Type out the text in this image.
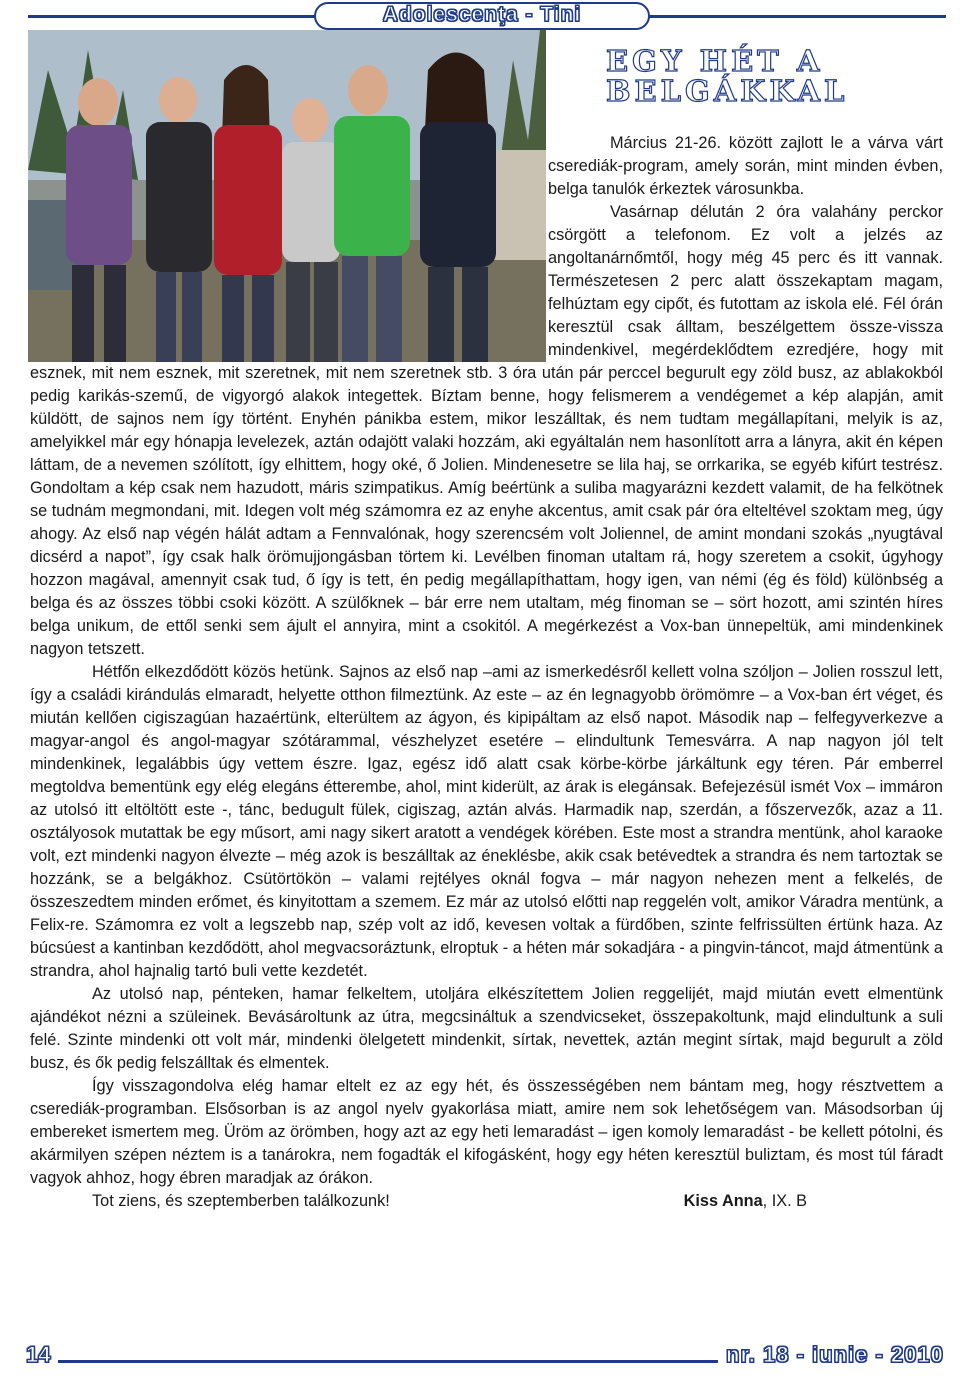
Adolescenţa - Tini
EGY HÉT A BELGÁKKAL

Március 21-26. között zajlott le a várva várt cserediák-program, amely során, mint minden évben, belga tanulók érkeztek városunkba.

Vasárnap délután 2 óra valahány perckor csörgött a telefonom. Ez volt a jelzés az angoltanárnőmtől, hogy még 45 perc és itt vannak. Természetesen 2 perc alatt összekaptam magam, felhúztam egy cipőt, és futottam az iskola elé. Fél órán keresztül csak álltam, beszélgettem össze-vissza mindenkivel, megérdeklődtem ezredjére, hogy mit esznek, mit nem esznek, mit szeretnek, mit nem szeretnek stb. 3 óra után pár perccel begurult egy zöld busz, az ablakokból pedig karikás-szemű, de vigyorgó alakok integettek. Bíztam benne, hogy felismerem a vendégemet a kép alapján, amit küldött, de sajnos nem így történt. Enyhén pánikba estem, mikor leszálltak, és nem tudtam megállapítani, melyik is az, amelyikkel már egy hónapja levelezek, aztán odajött valaki hozzám, aki egyáltalán nem hasonlított arra a lányra, akit én képen láttam, de a nevemen szólított, így elhittem, hogy oké, ő Jolien. Mindenesetre se lila haj, se orrkarika, se egyéb kifúrt testrész. Gondoltam a kép csak nem hazudott, máris szimpatikus. Amíg beértünk a suliba magyarázni kezdett valamit, de ha felkötnek se tudnám megmondani, mit. Idegen volt még számomra ez az enyhe akcentus, amit csak pár óra elteltével szoktam meg, úgy ahogy. Az első nap végén hálát adtam a Fennvalónak, hogy szerencsém volt Joliennel, de amint mondani szokás „nyugtával dicsérd a napot”, így csak halk örömujjongásban törtem ki. Levélben finoman utaltam rá, hogy szeretem a csokit, úgyhogy hozzon magával, amennyit csak tud, ő így is tett, én pedig megállapíthattam, hogy igen, van némi (ég és föld) különbség a belga és az összes többi csoki között. A szülőknek – bár erre nem utaltam, még finoman se – sört hozott, ami szintén híres belga unikum, de ettől senki sem ájult el annyira, mint a csokitól. A megérkezést a Vox-ban ünnepeltük, ami mindenkinek nagyon tetszett.

Hétfőn elkezdődött közös hetünk. Sajnos az első nap –ami az ismerkedésről kellett volna szóljon – Jolien rosszul lett, így a családi kirándulás elmaradt, helyette otthon filmeztünk. Az este – az én legnagyobb örömömre – a Vox-ban ért véget, és miután kellően cigiszagúan hazaértünk, elterültem az ágyon, és kipipáltam az első napot. Második nap – felfegyverkezve a magyar-angol és angol-magyar szótárammal, vészhelyzet esetére – elindultunk Temesvárra. A nap nagyon jól telt mindenkinek, legalábbis úgy vettem észre. Igaz, egész idő alatt csak körbe-körbe járkáltunk egy téren. Pár emberrel megtoldva bementünk egy elég elegáns étterembe, ahol, mint kiderült, az árak is elegánsak. Befejezésül ismét Vox – immáron az utolsó itt eltöltött este -, tánc, bedugult fülek, cigiszag, aztán alvás. Harmadik nap, szerdán, a főszervezők, azaz a 11. osztályosok mutattak be egy műsort, ami nagy sikert aratott a vendégek körében. Este most a strandra mentünk, ahol karaoke volt, ezt mindenki nagyon élvezte – még azok is beszálltak az éneklésbe, akik csak betévedtek a strandra és nem tartoztak se hozzánk, se a belgákhoz. Csütörtökön – valami rejtélyes oknál fogva – már nagyon nehezen ment a felkelés, de összeszedtem minden erőmet, és kinyitottam a szemem. Ez már az utolsó előtti nap reggelén volt, amikor Váradra mentünk, a Felix-re. Számomra ez volt a legszebb nap, szép volt az idő, kevesen voltak a fürdőben, szinte felfrissülten értünk haza. Az búcsúest a kantinban kezdődött, ahol megvacsoráztunk, elroptuk - a héten már sokadjára - a pingvin-táncot, majd átmentünk a strandra, ahol hajnalig tartó buli vette kezdetét.

Az utolsó nap, pénteken, hamar felkeltem, utoljára elkészítettem Jolien reggelijét, majd miután evett elmentünk ajándékot nézni a szüleinek. Bevásároltunk az útra, megcsináltuk a szendvicseket, összepakoltunk, majd elindultunk a suli felé. Szinte mindenki ott volt már, mindenki ölelgetett mindenkit, sírtak, nevettek, aztán megint sírtak, majd begurult a zöld busz, és ők pedig felszálltak és elmentek.

Így visszagondolva elég hamar eltelt ez az egy hét, és összességében nem bántam meg, hogy résztvettem a cserediák-programban. Elsősorban is az angol nyelv gyakorlása miatt, amire nem sok lehetőségem van. Másodsorban új embereket ismertem meg. Üröm az örömben, hogy azt az egy heti lemaradást – igen komoly lemaradást - be kellett pótolni, és akármilyen szépen néztem is a tanárokra, nem fogadták el kifogásként, hogy egy héten keresztül buliztam, és most túl fáradt vagyok ahhoz, hogy ébren maradjak az órákon.

Tot ziens, és szeptemberben találkozunk!	Kiss Anna, IX. B
14	nr. 18 - iunie - 2010
